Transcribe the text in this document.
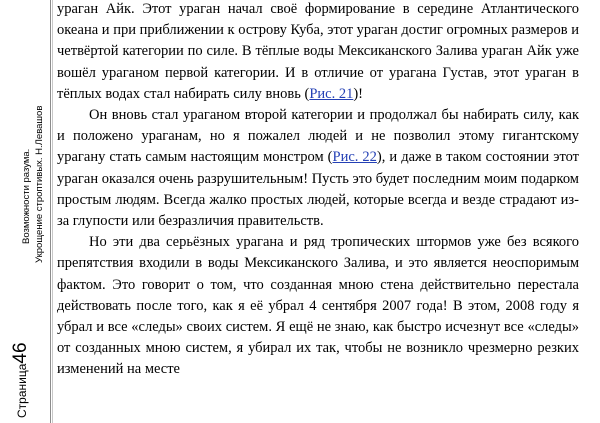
Страница46
Возможности разума. Укрощение строптивых. Н.Левашов

ураган Айк. Этот ураган начал своё формирование в середине Атлантического океана и при приближении к острову Куба, этот ураган достиг огромных размеров и четвёртой категории по силе. В тёплые воды Мексиканского Залива ураган Айк уже вошёл ураганом первой категории. И в отличие от урагана Густав, этот ураган в тёплых водах стал набирать силу вновь (Рис. 21)!

Он вновь стал ураганом второй категории и продолжал бы набирать силу, как и положено ураганам, но я пожалел людей и не позволил этому гигантскому урагану стать самым настоящим монстром (Рис. 22), и даже в таком состоянии этот ураган оказался очень разрушительным! Пусть это будет последним моим подарком простым людям. Всегда жалко простых людей, которые всегда и везде страдают из-за глупости или безразличия правительств.

Но эти два серьёзных урагана и ряд тропических штормов уже без всякого препятствия входили в воды Мексиканского Залива, и это является неоспоримым фактом. Это говорит о том, что созданная мною стена действительно перестала действовать после того, как я её убрал 4 сентября 2007 года! В этом, 2008 году я убрал и все «следы» своих систем. Я ещё не знаю, как быстро исчезнут все «следы» от созданных мною систем, я убирал их так, чтобы не возникло чрезмерно резких изменений на месте
